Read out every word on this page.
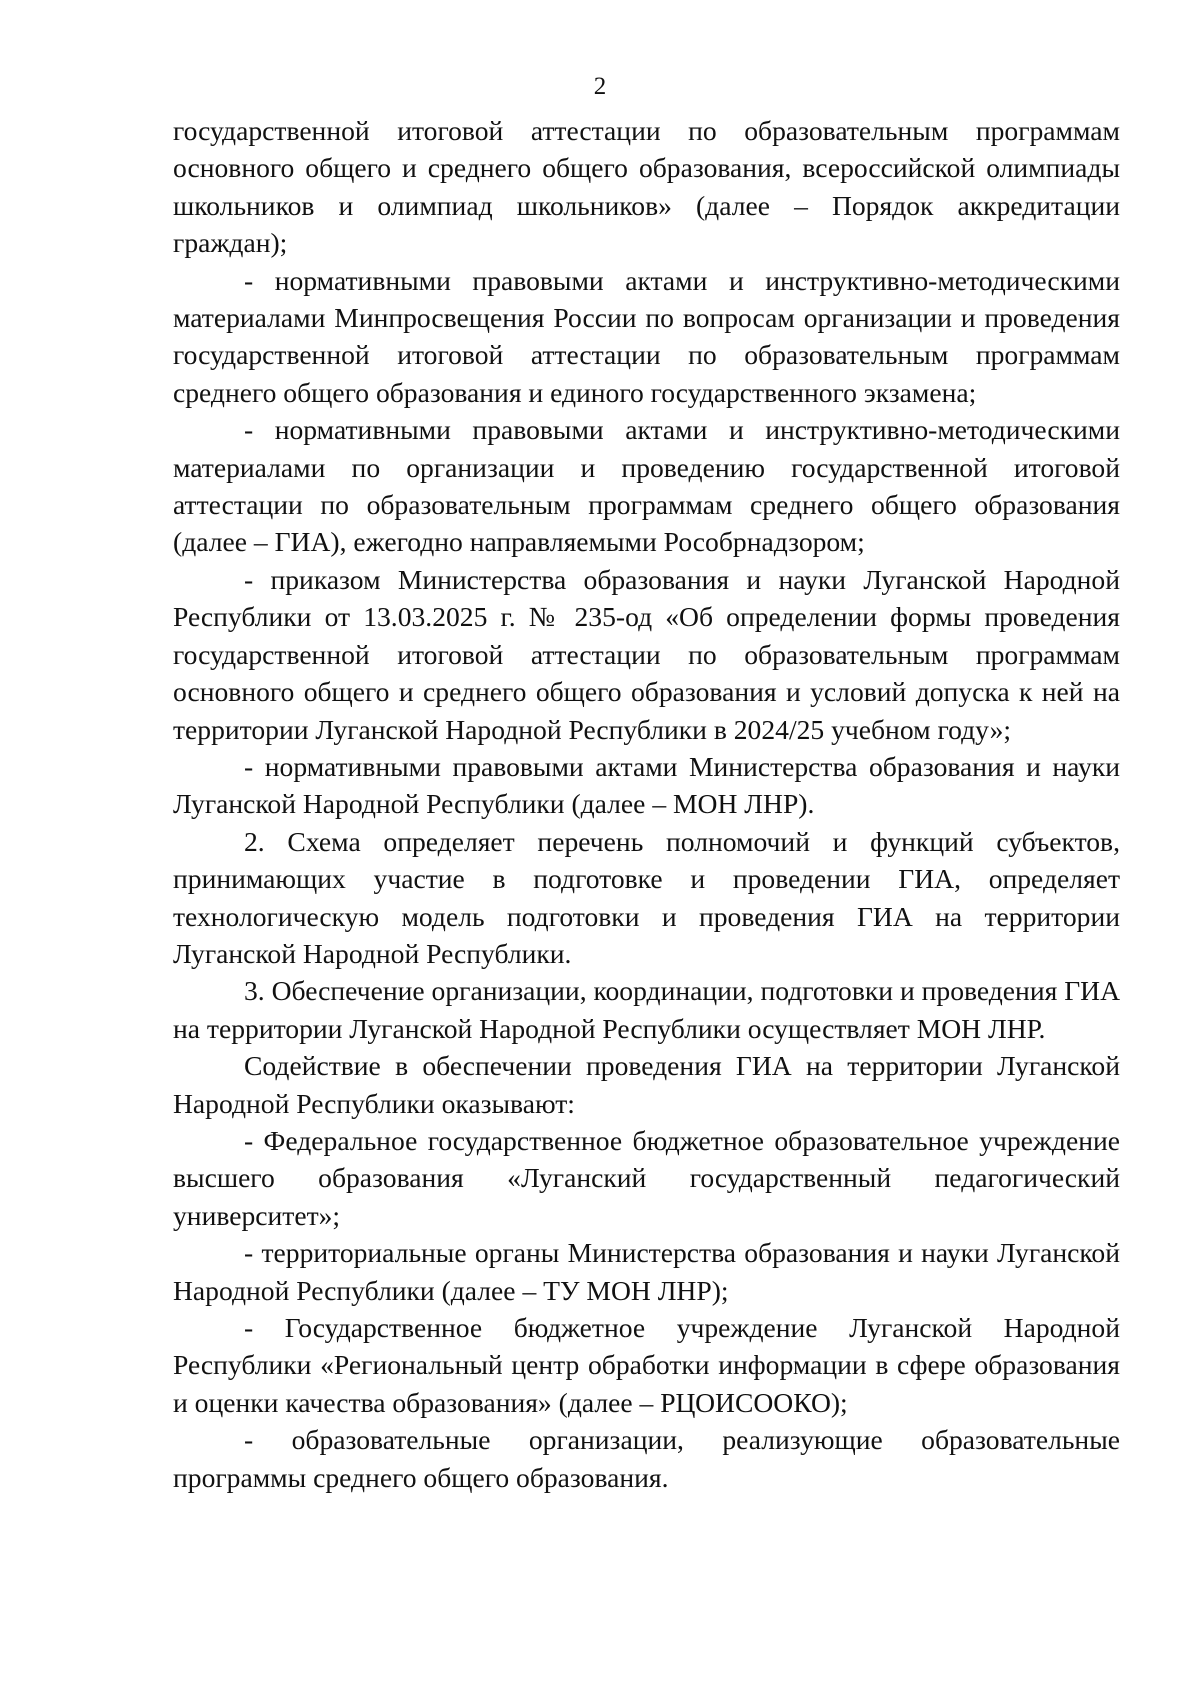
2

государственной итоговой аттестации по образовательным программам основного общего и среднего общего образования, всероссийской олимпиады школьников и олимпиад школьников» (далее – Порядок аккредитации граждан);

- нормативными правовыми актами и инструктивно-методическими материалами Минпросвещения России по вопросам организации и проведения государственной итоговой аттестации по образовательным программам среднего общего образования и единого государственного экзамена;

- нормативными правовыми актами и инструктивно-методическими материалами по организации и проведению государственной итоговой аттестации по образовательным программам среднего общего образования (далее – ГИА), ежегодно направляемыми Рособрнадзором;

- приказом Министерства образования и науки Луганской Народной Республики от 13.03.2025 г. № 235-од «Об определении формы проведения государственной итоговой аттестации по образовательным программам основного общего и среднего общего образования и условий допуска к ней на территории Луганской Народной Республики в 2024/25 учебном году»;

- нормативными правовыми актами Министерства образования и науки Луганской Народной Республики (далее – МОН ЛНР).

2. Схема определяет перечень полномочий и функций субъектов, принимающих участие в подготовке и проведении ГИА, определяет технологическую модель подготовки и проведения ГИА на территории Луганской Народной Республики.

3. Обеспечение организации, координации, подготовки и проведения ГИА на территории Луганской Народной Республики осуществляет МОН ЛНР.

Содействие в обеспечении проведения ГИА на территории Луганской Народной Республики оказывают:

- Федеральное государственное бюджетное образовательное учреждение высшего образования «Луганский государственный педагогический университет»;

- территориальные органы Министерства образования и науки Луганской Народной Республики (далее – ТУ МОН ЛНР);

- Государственное бюджетное учреждение Луганской Народной Республики «Региональный центр обработки информации в сфере образования и оценки качества образования» (далее – РЦОИСООКО);

- образовательные организации, реализующие образовательные программы среднего общего образования.
